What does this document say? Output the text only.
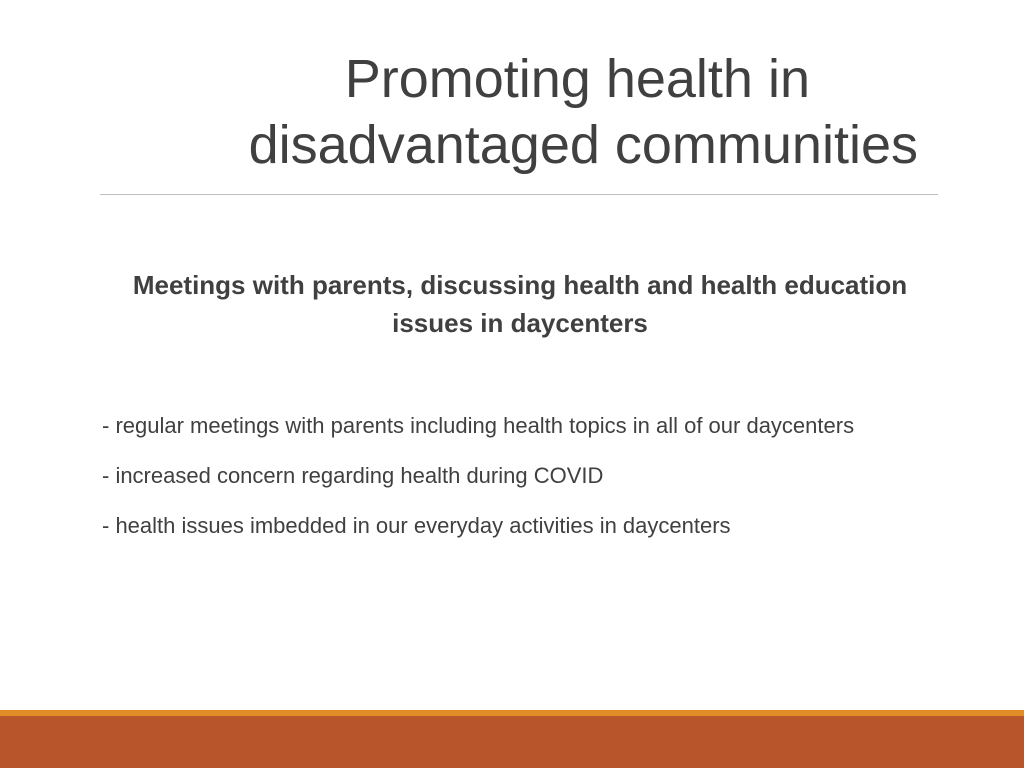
Promoting health in
disadvantaged communities

Meetings with parents, discussing health and health education issues in daycenters

- regular meetings with parents including health topics in all of our daycenters
- increased concern regarding health during COVID
- health issues imbedded in our everyday activities in daycenters
